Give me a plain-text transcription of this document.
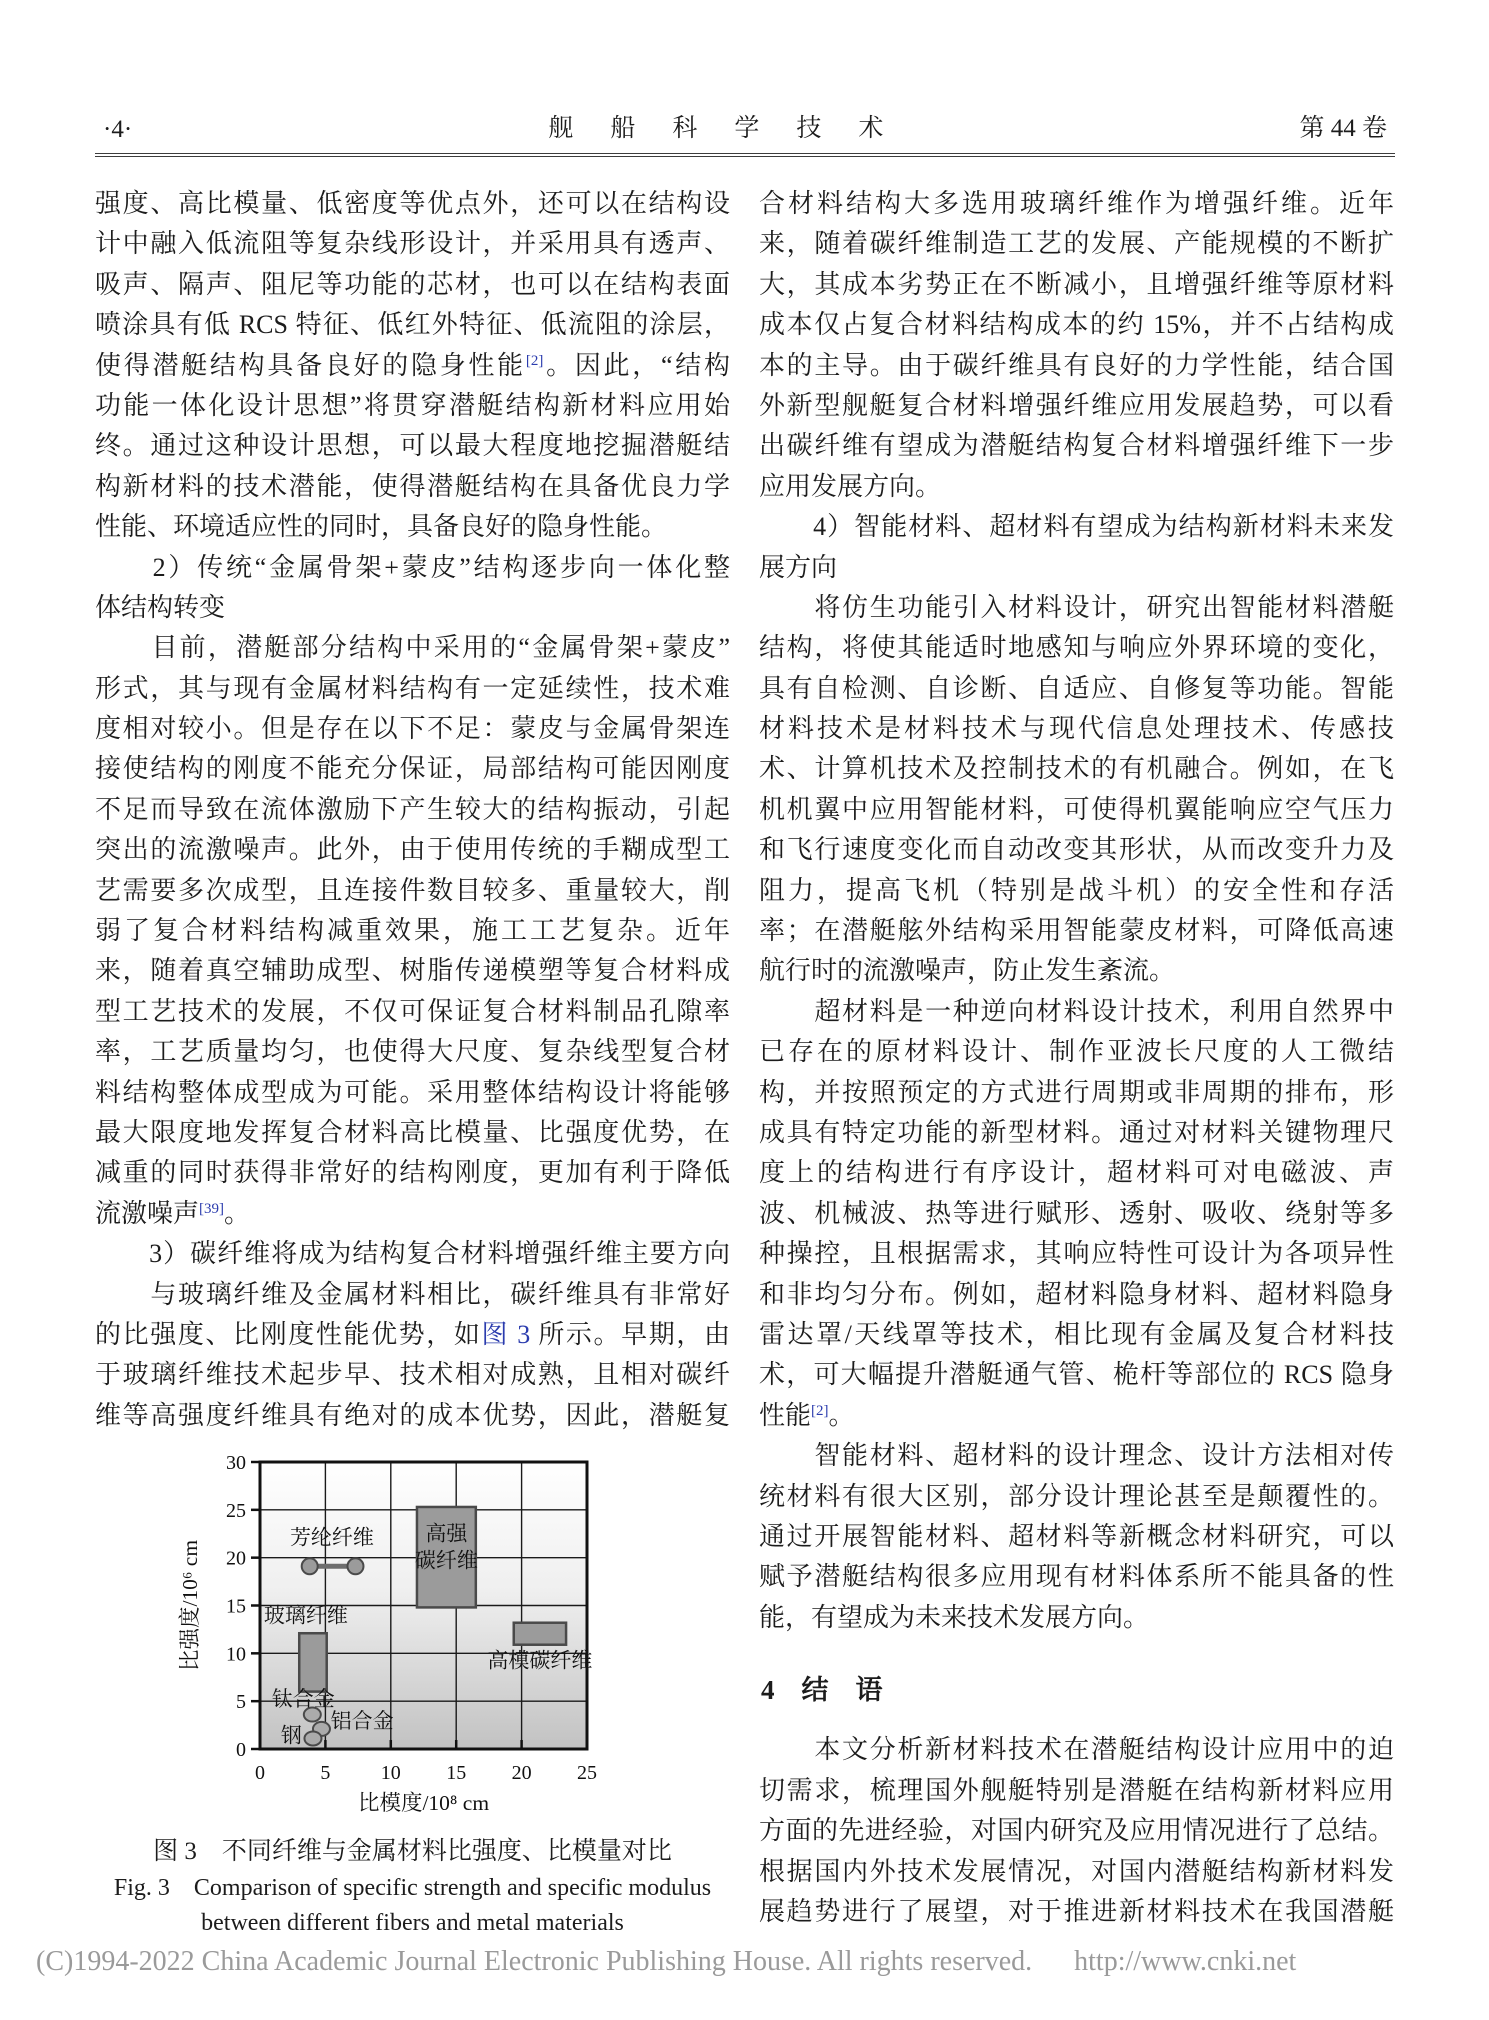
·4·	舰船科学技术	第 44 卷
强度、高比模量、低密度等优点外，还可以在结构设
计中融入低流阻等复杂线形设计，并采用具有透声、
吸声、隔声、阻尼等功能的芯材，也可以在结构表面
喷涂具有低 RCS 特征、低红外特征、低流阻的涂层，
使得潜艇结构具备良好的隐身性能[2]。因此，“结构
功能一体化设计思想”将贯穿潜艇结构新材料应用始
终。通过这种设计思想，可以最大程度地挖掘潜艇结
构新材料的技术潜能，使得潜艇结构在具备优良力学
性能、环境适应性的同时，具备良好的隐身性能。
　　2）传统“金属骨架+蒙皮”结构逐步向一体化整
体结构转变
　　目前，潜艇部分结构中采用的“金属骨架+蒙皮”
形式，其与现有金属材料结构有一定延续性，技术难
度相对较小。但是存在以下不足：蒙皮与金属骨架连
接使结构的刚度不能充分保证，局部结构可能因刚度
不足而导致在流体激励下产生较大的结构振动，引起
突出的流激噪声。此外，由于使用传统的手糊成型工
艺需要多次成型，且连接件数目较多、重量较大，削
弱了复合材料结构减重效果，施工工艺复杂。近年
来，随着真空辅助成型、树脂传递模塑等复合材料成
型工艺技术的发展，不仅可保证复合材料制品孔隙率
率，工艺质量均匀，也使得大尺度、复杂线型复合材
料结构整体成型成为可能。采用整体结构设计将能够
最大限度地发挥复合材料高比模量、比强度优势，在
减重的同时获得非常好的结构刚度，更加有利于降低
流激噪声[39]。
　　3）碳纤维将成为结构复合材料增强纤维主要方向
　　与玻璃纤维及金属材料相比，碳纤维具有非常好
的比强度、比刚度性能优势，如图 3 所示。早期，由
于玻璃纤维技术起步早、技术相对成熟，且相对碳纤
维等高强度纤维具有绝对的成本优势，因此，潜艇复
玻璃纤维
芳纶纤维 高强
碳纤维
高模碳纤维
钛合金
铝合金
钢
0
5
10
15
20
25
30
0	5	10 15 20 25
比模度/10⁸ cm
比强度/10⁶ cm
图 3　不同纤维与金属材料比强度、比模量对比
Fig. 3　Comparison of specific strength and specific modulus
between different fibers and metal materials
合材料结构大多选用玻璃纤维作为增强纤维。近年
来，随着碳纤维制造工艺的发展、产能规模的不断扩
大，其成本劣势正在不断减小，且增强纤维等原材料
成本仅占复合材料结构成本的约 15%，并不占结构成
本的主导。由于碳纤维具有良好的力学性能，结合国
外新型舰艇复合材料增强纤维应用发展趋势，可以看
出碳纤维有望成为潜艇结构复合材料增强纤维下一步
应用发展方向。
　　4）智能材料、超材料有望成为结构新材料未来发
展方向
　　将仿生功能引入材料设计，研究出智能材料潜艇
结构，将使其能适时地感知与响应外界环境的变化，
具有自检测、自诊断、自适应、自修复等功能。智能
材料技术是材料技术与现代信息处理技术、传感技
术、计算机技术及控制技术的有机融合。例如，在飞
机机翼中应用智能材料，可使得机翼能响应空气压力
和飞行速度变化而自动改变其形状，从而改变升力及
阻力，提高飞机（特别是战斗机）的安全性和存活
率；在潜艇舷外结构采用智能蒙皮材料，可降低高速
航行时的流激噪声，防止发生紊流。
　　超材料是一种逆向材料设计技术，利用自然界中
已存在的原材料设计、制作亚波长尺度的人工微结
构，并按照预定的方式进行周期或非周期的排布，形
成具有特定功能的新型材料。通过对材料关键物理尺
度上的结构进行有序设计，超材料可对电磁波、声
波、机械波、热等进行赋形、透射、吸收、绕射等多
种操控，且根据需求，其响应特性可设计为各项异性
和非均匀分布。例如，超材料隐身材料、超材料隐身
雷达罩/天线罩等技术，相比现有金属及复合材料技
术，可大幅提升潜艇通气管、桅杆等部位的 RCS 隐身
性能[2]。
　　智能材料、超材料的设计理念、设计方法相对传
统材料有很大区别，部分设计理论甚至是颠覆性的。
通过开展智能材料、超材料等新概念材料研究，可以
赋予潜艇结构很多应用现有材料体系所不能具备的性
能，有望成为未来技术发展方向。
4　结　语
　　本文分析新材料技术在潜艇结构设计应用中的迫
切需求，梳理国外舰艇特别是潜艇在结构新材料应用
方面的先进经验，对国内研究及应用情况进行了总结。
根据国内外技术发展情况，对国内潜艇结构新材料发
展趋势进行了展望，对于推进新材料技术在我国潜艇
(C)1994-2022 China Academic Journal Electronic Publishing House. All rights reserved. http://www.cnki.net
